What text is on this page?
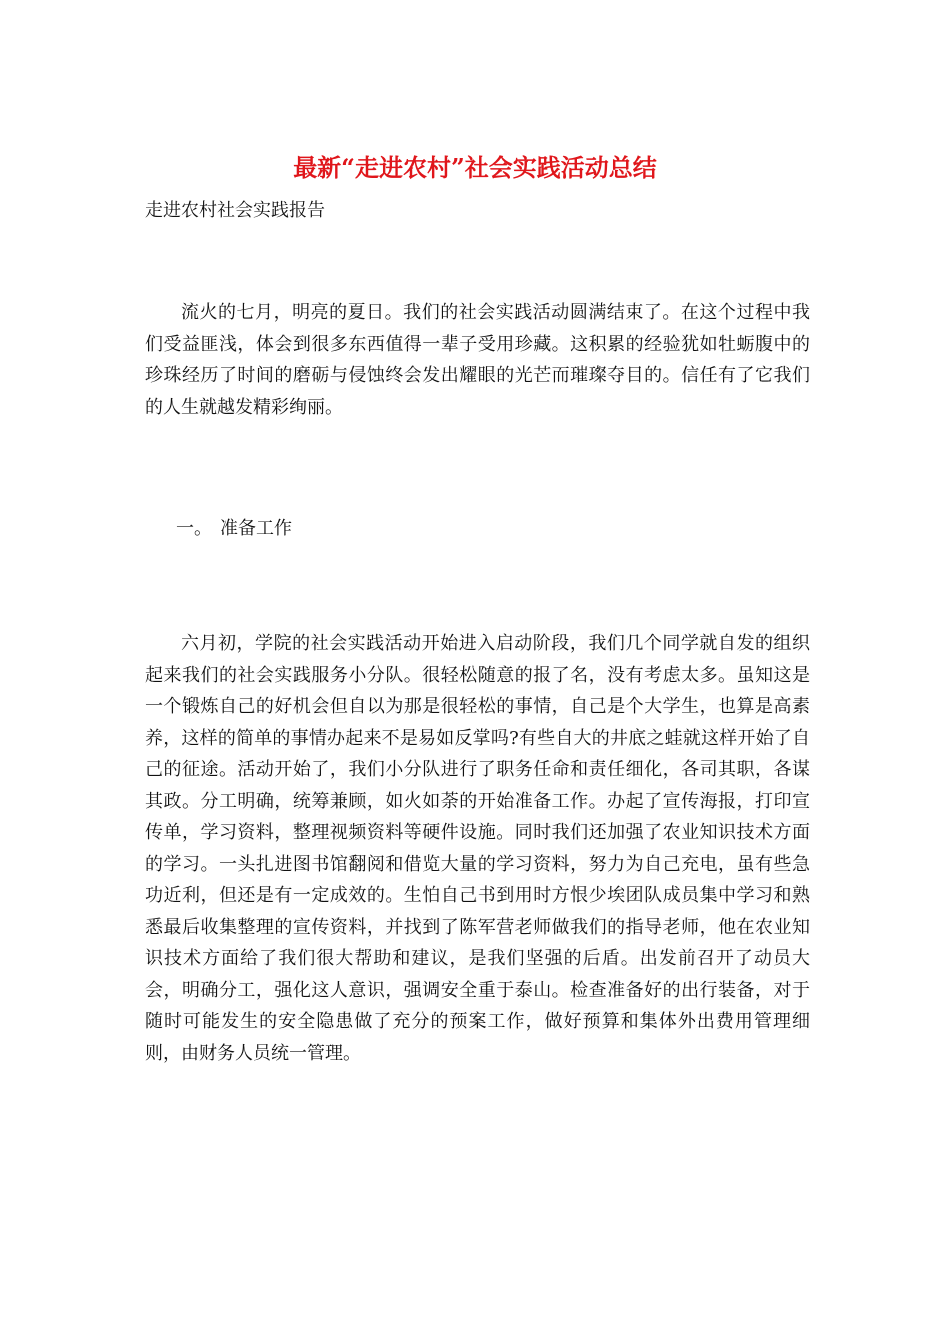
最新“走进农村”社会实践活动总结

走进农村社会实践报告

流火的七月，明亮的夏日。我们的社会实践活动圆满结束了。在这个过程中我们受益匪浅，体会到很多东西值得一辈子受用珍藏。这积累的经验犹如牡蛎腹中的珍珠经历了时间的磨砺与侵蚀终会发出耀眼的光芒而璀璨夺目的。信任有了它我们的人生就越发精彩绚丽。

一。 准备工作

六月初，学院的社会实践活动开始进入启动阶段，我们几个同学就自发的组织起来我们的社会实践服务小分队。很轻松随意的报了名，没有考虑太多。虽知这是一个锻炼自己的好机会但自以为那是很轻松的事情，自己是个大学生，也算是高素养，这样的简单的事情办起来不是易如反掌吗?有些自大的井底之蛙就这样开始了自己的征途。活动开始了，我们小分队进行了职务任命和责任细化，各司其职，各谋其政。分工明确，统筹兼顾，如火如荼的开始准备工作。办起了宣传海报，打印宣传单，学习资料，整理视频资料等硬件设施。同时我们还加强了农业知识技术方面的学习。一头扎进图书馆翻阅和借览大量的学习资料，努力为自己充电，虽有些急功近利，但还是有一定成效的。生怕自己书到用时方恨少埃团队成员集中学习和熟悉最后收集整理的宣传资料，并找到了陈军营老师做我们的指导老师，他在农业知识技术方面给了我们很大帮助和建议，是我们坚强的后盾。出发前召开了动员大会，明确分工，强化这人意识，强调安全重于泰山。检查准备好的出行装备，对于随时可能发生的安全隐患做了充分的预案工作，做好预算和集体外出费用管理细则，由财务人员统一管理。
